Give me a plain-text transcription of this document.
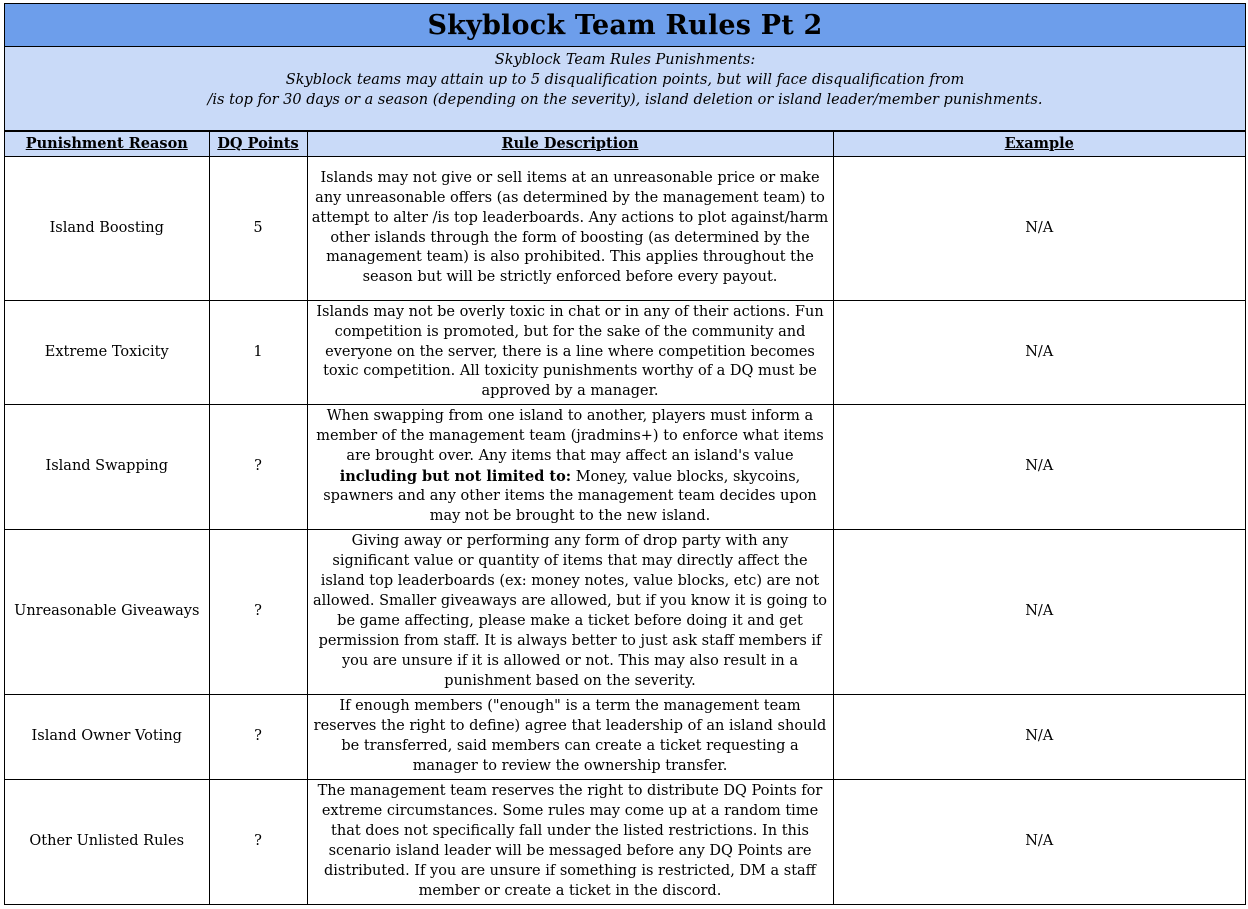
Skyblock Team Rules Pt 2
Skyblock Team Rules Punishments:
Skyblock teams may attain up to 5 disqualification points, but will face disqualification from
/is top for 30 days or a season (depending on the severity), island deletion or island leader/member punishments.
Punishment Reason	DQ Points	Rule Description	Example
Island Boosting	5	Islands may not give or sell items at an unreasonable price or make any unreasonable offers (as determined by the management team) to attempt to alter /is top leaderboards. Any actions to plot against/harm other islands through the form of boosting (as determined by the management team) is also prohibited. This applies throughout the season but will be strictly enforced before every payout.	N/A
Extreme Toxicity	1	Islands may not be overly toxic in chat or in any of their actions. Fun competition is promoted, but for the sake of the community and everyone on the server, there is a line where competition becomes toxic competition. All toxicity punishments worthy of a DQ must be approved by a manager.	N/A
Island Swapping	?	When swapping from one island to another, players must inform a member of the management team (jradmins+) to enforce what items are brought over. Any items that may affect an island's value including but not limited to: Money, value blocks, skycoins, spawners and any other items the management team decides upon may not be brought to the new island.	N/A
Unreasonable Giveaways	?	Giving away or performing any form of drop party with any significant value or quantity of items that may directly affect the island top leaderboards (ex: money notes, value blocks, etc) are not allowed. Smaller giveaways are allowed, but if you know it is going to be game affecting, please make a ticket before doing it and get permission from staff. It is always better to just ask staff members if you are unsure if it is allowed or not. This may also result in a punishment based on the severity.	N/A
Island Owner Voting	?	If enough members ("enough" is a term the management team reserves the right to define) agree that leadership of an island should be transferred, said members can create a ticket requesting a manager to review the ownership transfer.	N/A
Other Unlisted Rules	?	The management team reserves the right to distribute DQ Points for extreme circumstances. Some rules may come up at a random time that does not specifically fall under the listed restrictions. In this scenario island leader will be messaged before any DQ Points are distributed. If you are unsure if something is restricted, DM a staff member or create a ticket in the discord.	N/A
